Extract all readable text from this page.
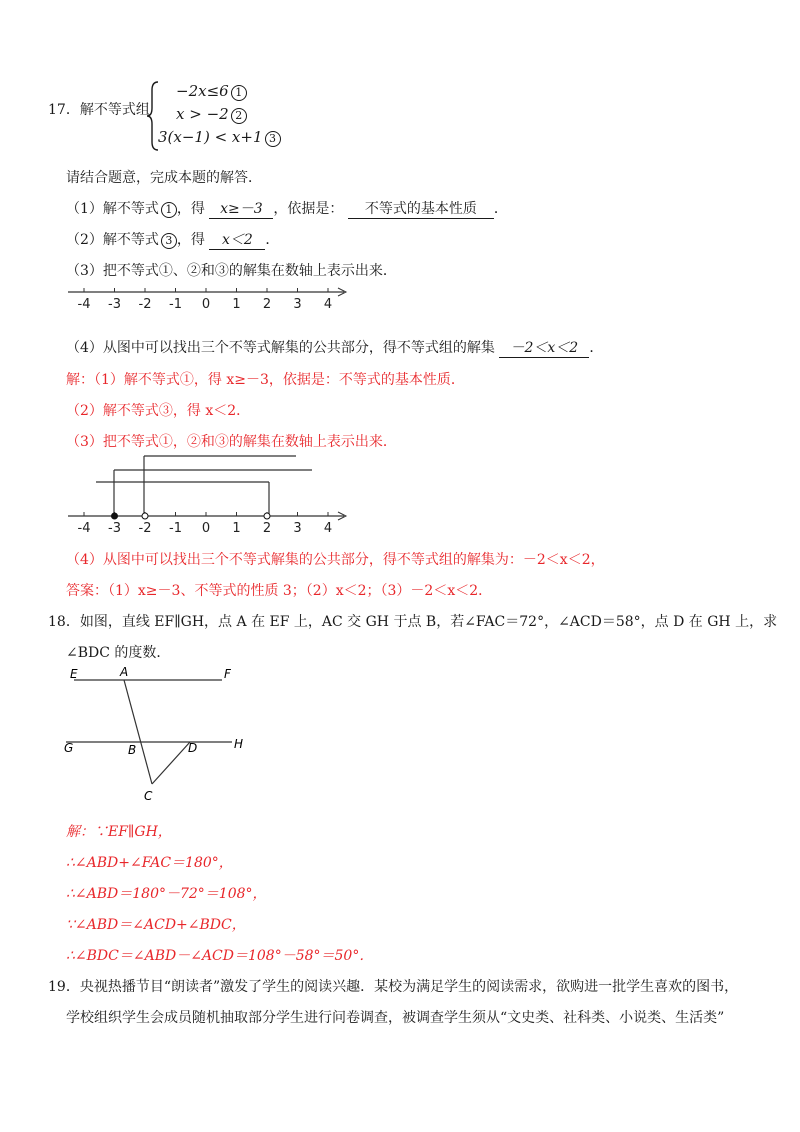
17．解不等式组
−2x≤6 1
x > −2 2
3(x−1) < x+1 3
请结合题意，完成本题的解答．
（1）解不等式 1 ，得 x≥－3 ，依据是： 不等式的基本性质 ．
（2）解不等式 3 ，得 x＜2 ．
（3）把不等式①、②和③的解集在数轴上表示出来．
-4 -3 -2 -1 0 1 2 3 4
（4）从图中可以找出三个不等式解集的公共部分，得不等式组的解集 －2＜x＜2 ．
解：（1）解不等式①，得 x≥－3，依据是：不等式的基本性质．
（2）解不等式③，得 x＜2．
（3）把不等式①，②和③的解集在数轴上表示出来．
-4 -3 -2 -1 0 1 2 3 4
（4）从图中可以找出三个不等式解集的公共部分，得不等式组的解集为：－2＜x＜2，
答案：（1）x≥－3、不等式的性质 3；（2）x＜2；（3）－2＜x＜2．
18．如图，直线 EF∥GH，点 A 在 EF 上，AC 交 GH 于点 B，若∠FAC＝72°，∠ACD＝58°，点 D 在 GH 上，求
∠BDC 的度数．
E	A	F
G	B	D	H
C
解：∵EF∥GH，
∴∠ABD+∠FAC＝180°，
∴∠ABD＝180°－72°＝108°，
∵∠ABD＝∠ACD+∠BDC，
∴∠BDC＝∠ABD－∠ACD＝108°－58°＝50°．
19．央视热播节目“朗读者”激发了学生的阅读兴趣．某校为满足学生的阅读需求，欲购进一批学生喜欢的图书，
学校组织学生会成员随机抽取部分学生进行问卷调查，被调查学生须从“文史类、社科类、小说类、生活类”
